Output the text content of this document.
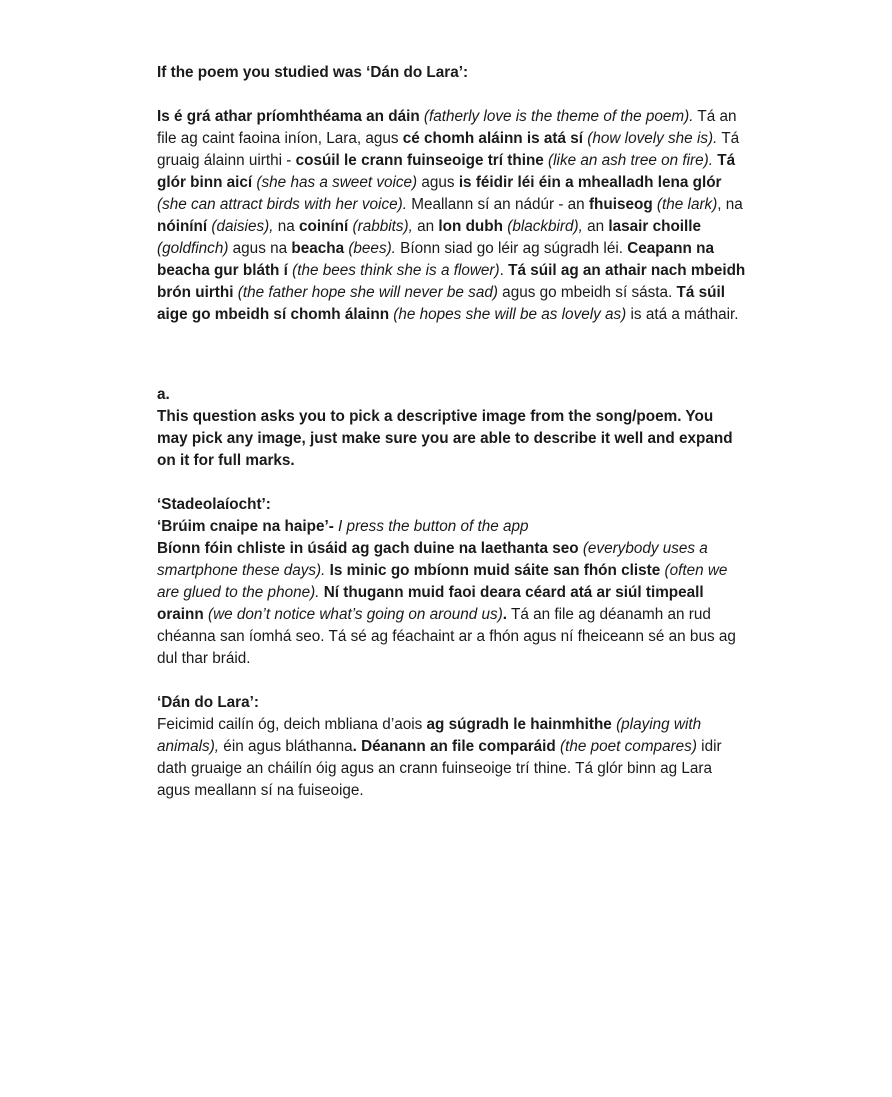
If the poem you studied was ‘Dán do Lara’:

Is é grá athar príomhthéama an dáin (fatherly love is the theme of the poem). Tá an file ag caint faoina iníon, Lara, agus cé chomh aláinn is atá sí (how lovely she is). Tá gruaig álainn uirthi - cosúil le crann fuinseoige trí thine (like an ash tree on fire). Tá glór binn aicí (she has a sweet voice) agus is féidir léi éin a mhealladh lena glór (she can attract birds with her voice). Meallann sí an nádúr - an fhuiseog (the lark), na nóiníní (daisies), na coiníní (rabbits), an lon dubh (blackbird), an lasair choille (goldfinch) agus na beacha (bees). Bíonn siad go léir ag súgradh léi. Ceapann na beacha gur bláth í (the bees think she is a flower). Tá súil ag an athair nach mbeidh brón uirthi (the father hope she will never be sad) agus go mbeidh sí sásta. Tá súil aige go mbeidh sí chomh álainn (he hopes she will be as lovely as) is atá a máthair.

a.

This question asks you to pick a descriptive image from the song/poem. You may pick any image, just make sure you are able to describe it well and expand on it for full marks.

‘Stadeolaíocht’:

‘Brúim cnaipe na haipe’- I press the button of the app

Bíonn fóin chliste in úsáid ag gach duine na laethanta seo (everybody uses a smartphone these days). Is minic go mbíonn muid sáite san fhón cliste (often we are glued to the phone). Ní thugann muid faoi deara céard atá ar siúl timpeall orainn (we don’t notice what’s going on around us). Tá an file ag déanamh an rud chéanna san íomhá seo. Tá sé ag féachaint ar a fhón agus ní fheiceann sé an bus ag dul thar bráid.

‘Dán do Lara’:

Feicimid cailín óg, deich mbliana d’aois ag súgradh le hainmhithe (playing with animals), éin agus bláthanna. Déanann an file comparáid (the poet compares) idir dath gruaige an cháilín óig agus an crann fuinseoige trí thine. Tá glór binn ag Lara agus meallann sí na fuiseoige.
